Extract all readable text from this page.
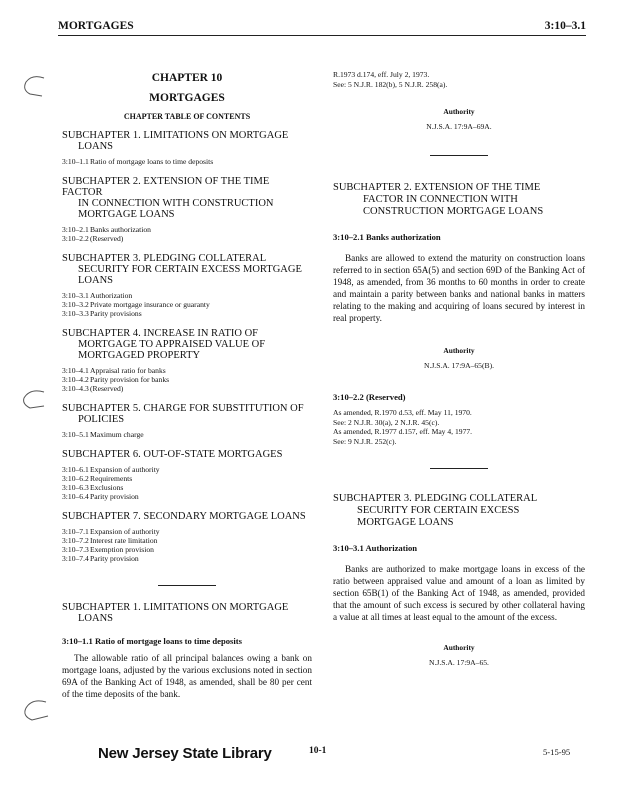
MORTGAGES	3:10–3.1

CHAPTER 10
MORTGAGES
CHAPTER TABLE OF CONTENTS
SUBCHAPTER 1. LIMITATIONS ON MORTGAGE
LOANS
3:10–1.1 Ratio of mortgage loans to time deposits
SUBCHAPTER 2. EXTENSION OF THE TIME FACTOR
IN CONNECTION WITH CONSTRUCTION MORTGAGE LOANS
3:10–2.1 Banks authorization
3:10–2.2 (Reserved)
SUBCHAPTER 3. PLEDGING COLLATERAL
SECURITY FOR CERTAIN EXCESS MORTGAGE LOANS
3:10–3.1 Authorization
3:10–3.2 Private mortgage insurance or guaranty
3:10–3.3 Parity provisions
SUBCHAPTER 4. INCREASE IN RATIO OF
MORTGAGE TO APPRAISED VALUE OF MORTGAGED PROPERTY
3:10–4.1 Appraisal ratio for banks
3:10–4.2 Parity provision for banks
3:10–4.3 (Reserved)
SUBCHAPTER 5. CHARGE FOR SUBSTITUTION OF
POLICIES
3:10–5.1 Maximum charge
SUBCHAPTER 6. OUT-OF-STATE MORTGAGES
3:10–6.1 Expansion of authority
3:10–6.2 Requirements
3:10–6.3 Exclusions
3:10–6.4 Parity provision
SUBCHAPTER 7. SECONDARY MORTGAGE LOANS
3:10–7.1 Expansion of authority
3:10–7.2 Interest rate limitation
3:10–7.3 Exemption provision
3:10–7.4 Parity provision
SUBCHAPTER 1. LIMITATIONS ON MORTGAGE
LOANS
3:10–1.1 Ratio of mortgage loans to time deposits

The allowable ratio of all principal balances owing a bank on mortgage loans, adjusted by the various exclusions noted in section 69A of the Banking Act of 1948, as amended, shall be 80 per cent of the time deposits of the bank.

R.1973 d.174, eff. July 2, 1973.
See: 5 N.J.R. 182(b), 5 N.J.R. 258(a).
Authority
N.J.S.A. 17:9A–69A.
SUBCHAPTER 2. EXTENSION OF THE TIME
FACTOR IN CONNECTION WITH
CONSTRUCTION MORTGAGE LOANS
3:10–2.1 Banks authorization

Banks are allowed to extend the maturity on construction loans referred to in section 65A(5) and section 69D of the Banking Act of 1948, as amended, from 36 months to 60 months in order to create and maintain a parity between banks and national banks in matters relating to the making and acquiring of loans secured by interest in real property.

Authority
N.J.S.A. 17:9A–65(B).
3:10–2.2 (Reserved)
As amended, R.1970 d.53, eff. May 11, 1970.
See: 2 N.J.R. 30(a), 2 N.J.R. 45(c).
As amended, R.1977 d.157, eff. May 4, 1977.
See: 9 N.J.R. 252(c).
SUBCHAPTER 3. PLEDGING COLLATERAL
SECURITY FOR CERTAIN EXCESS
MORTGAGE LOANS
3:10–3.1 Authorization

Banks are authorized to make mortgage loans in excess of the ratio between appraised value and amount of a loan as limited by section 65B(1) of the Banking Act of 1948, as amended, provided that the amount of such excess is secured by other collateral having a value at all times at least equal to the amount of the excess.

Authority
N.J.S.A. 17:9A–65.
New Jersey State Library	10-1	5-15-95
